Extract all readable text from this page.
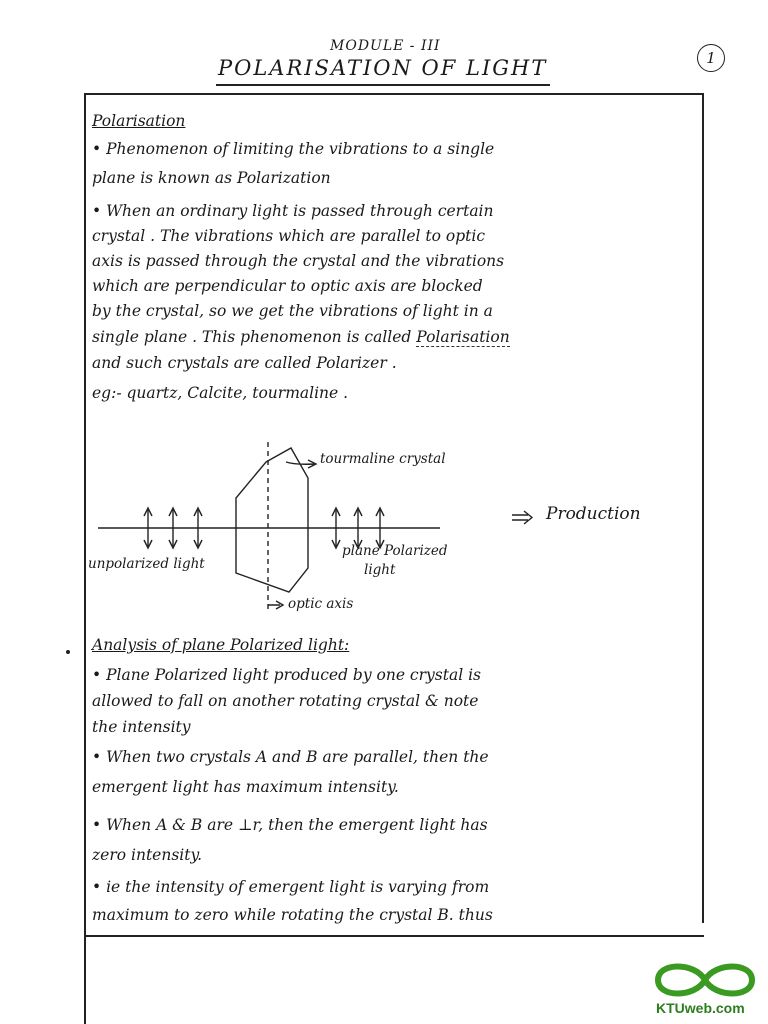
MODULE - III
POLARISATION OF LIGHT	1
Polarisation
• Phenomenon of limiting the vibrations to a single
plane is known as Polarization
• When an ordinary light is passed through certain
crystal . The vibrations which are parallel to optic
axis is passed through the crystal and the vibrations
which are perpendicular to optic axis are blocked
by the crystal, so we get the vibrations of light in a
single plane . This phenomenon is called Polarisation
and such crystals are called Polarizer .
eg:- quartz, Calcite, tourmaline .
tourmaline crystal
unpolarized light
plane Polarized
light
optic axis
Production
Analysis of plane Polarized light:
• Plane Polarized light produced by one crystal is
allowed to fall on another rotating crystal & note
the intensity
• When two crystals A and B are parallel, then the
emergent light has maximum intensity.
• When A & B are ⊥r, then the emergent light has
zero intensity.
• ie the intensity of emergent light is varying from
maximum to zero while rotating the crystal B. thus
KTUweb.com
